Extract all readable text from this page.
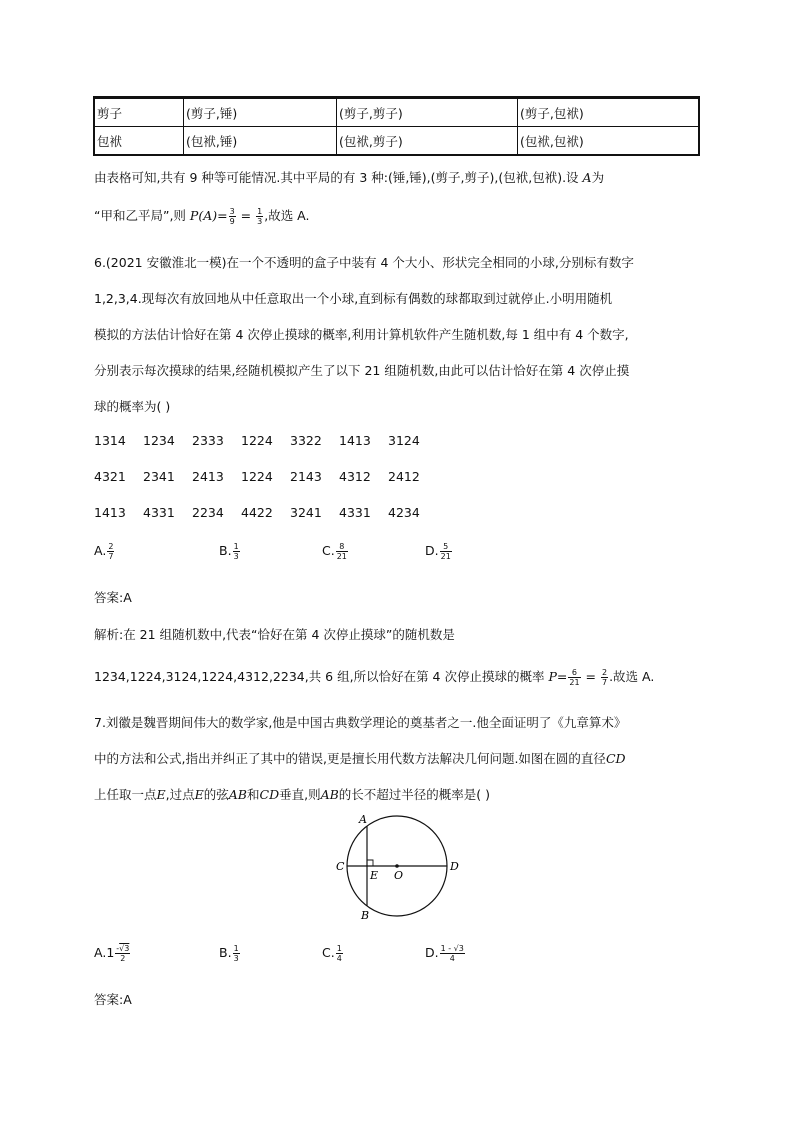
剪子	(剪子,锤)	(剪子,剪子)	(剪子,包袱)
包袱	(包袱,锤)	(包袱,剪子)	(包袱,包袱)
由表格可知,共有 9 种等可能情况.其中平局的有 3 种:(锤,锤),(剪子,剪子),(包袱,包袱).设 A为
“甲和乙平局”,则 $P(A)= \frac{3}{9} = \frac{1}{3}$ ,故选 A.
6.(2021 安徽淮北一模)在一个不透明的盒子中装有 4 个大小、形状完全相同的小球,分别标有数字
1,2,3,4.现每次有放回地从中任意取出一个小球,直到标有偶数的球都取到过就停止.小明用随机
模拟的方法估计恰好在第 4 次停止摸球的概率,利用计算机软件产生随机数,每 1 组中有 4 个数字,
分别表示每次摸球的结果,经随机模拟产生了以下 21 组随机数,由此可以估计恰好在第 4 次停止摸
球的概率为( )
1314 1234 2333 1224 3322 1413 3124
4321 2341 2413 1224 2143 4312 2412
1413 4331 2234 4422 3241 4331 4234
A. $\frac{2}{7}$	B. $\frac{1}{3}$	C. $\frac{8}{21}$	D. $\frac{5}{21}$
答案:A
解析:在 21 组随机数中,代表“恰好在第 4 次停止摸球”的随机数是
1234,1224,3124,1224,4312,2234,共 6 组,所以恰好在第 4 次停止摸球的概率 $P= \frac{6}{21} = \frac{2}{7}$ .故选 A.
7.刘徽是魏晋期间伟大的数学家,他是中国古典数学理论的奠基者之一.他全面证明了《九章算术》
中的方法和公式,指出并纠正了其中的错误,更是擅长用代数方法解决几何问题.如图在圆的直径CD
上任取一点E,过点E的弦AB和CD垂直,则AB的长不超过半径的概率是( )
A
B
C	D
E O
$A.1 \frac{-√3}{2}$	B. $\frac{1}{3}$	C. $\frac{1}{4}$	D. $\frac{1 - √3}{4}$
答案:A
